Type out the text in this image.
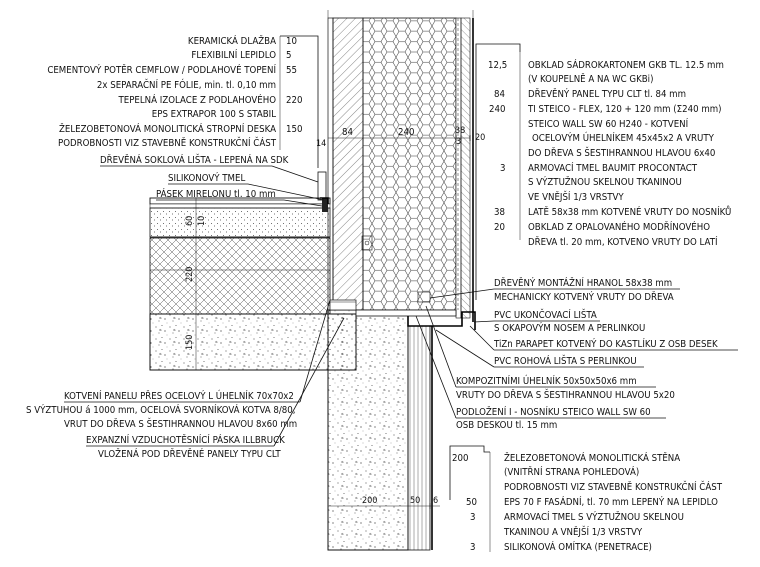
84	240
14
38
3 20
60 10
220
150
200	50 6
KERAMICKÁ DLAŽBA 10
FLEXIBILNÍ LEPIDLO 5
CEMENTOVÝ POTĚR CEMFLOW / PODLAHOVÉ TOPENÍ 55
2x SEPARAČNÍ PE FÓLIE, min. tl. 0,10 mm
TEPELNÁ IZOLACE Z PODLAHOVÉHO 220
EPS EXTRAPOR 100 S STABIL
ŽELEZOBETONOVÁ MONOLITICKÁ STROPNÍ DESKA 150
PODROBNOSTI VIZ STAVEBNĚ KONSTRUKČNÍ ČÁST
DŘEVĚNÁ SOKLOVÁ LIŠTA - LEPENÁ NA SDK
SILIKONOVÝ TMEL
PÁSEK MIRELONU tl. 10 mm
KOTVENÍ PANELU PŘES OCELOVÝ L ÚHELNÍK 70x70x2
S VÝZTUHOU á 1000 mm, OCELOVÁ SVORNÍKOVÁ KOTVA 8/80,
VRUT DO DŘEVA S ŠESTIHRANNOU HLAVOU 8x60 mm
EXPANZNÍ VZDUCHOTĚSNÍCÍ PÁSKA ILLBRUCK
VLOŽENÁ POD DŘEVĚNÉ PANELY TYPU CLT
12,5 OBKLAD SÁDROKARTONEM GKB TL. 12.5 mm
(V KOUPELNĚ A NA WC GKBi)
84 DŘEVĚNÝ PANEL TYPU CLT tl. 84 mm
240 TI STEICO - FLEX, 120 + 120 mm (Σ240 mm)
STEICO WALL SW 60 H240 - KOTVENÍ
OCELOVÝM ÚHELNÍKEM 45x45x2 A VRUTY
DO DŘEVA S ŠESTIHRANNOU HLAVOU 6x40
3 ARMOVACÍ TMEL BAUMIT PROCONTACT
S VÝZTUŽNOU SKELNOU TKANINOU
VE VNĚJŠÍ 1/3 VRSTVY
38 LATĚ 58x38 mm KOTVENÉ VRUTY DO NOSNÍKŮ
20 OBKLAD Z OPALOVANÉHO MODŘÍNOVÉHO
DŘEVA tl. 20 mm, KOTVENO VRUTY DO LATÍ
DŘEVĚNÝ MONTÁŽNÍ HRANOL 58x38 mm
MECHANICKY KOTVENÝ VRUTY DO DŘEVA
PVC UKONČOVACÍ LIŠTA
S OKAPOVÝM NOSEM A PERLINKOU
TiZn PARAPET KOTVENÝ DO KASTLÍKU Z OSB DESEK
PVC ROHOVÁ LIŠTA S PERLINKOU
KOMPOZITNÍMI ÚHELNÍK 50x50x50x6 mm
VRUTY DO DŘEVA S ŠESTIHRANNOU HLAVOU 5x20
PODLOŽENÍ I - NOSNÍKU STEICO WALL SW 60
OSB DESKOU tl. 15 mm
200	ŽELEZOBETONOVÁ MONOLITICKÁ STĚNA
(VNITŘNÍ STRANA POHLEDOVÁ)
PODROBNOSTI VIZ STAVEBNĚ KONSTRUKČNÍ ČÁST
50	EPS 70 F FASÁDNÍ, tl. 70 mm LEPENÝ NA LEPIDLO
3	ARMOVACÍ TMEL S VÝZTUŽNOU SKELNOU
TKANINOU A VNĚJŠÍ 1/3 VRSTVY
3	SILIKONOVÁ OMÍTKA (PENETRACE)
